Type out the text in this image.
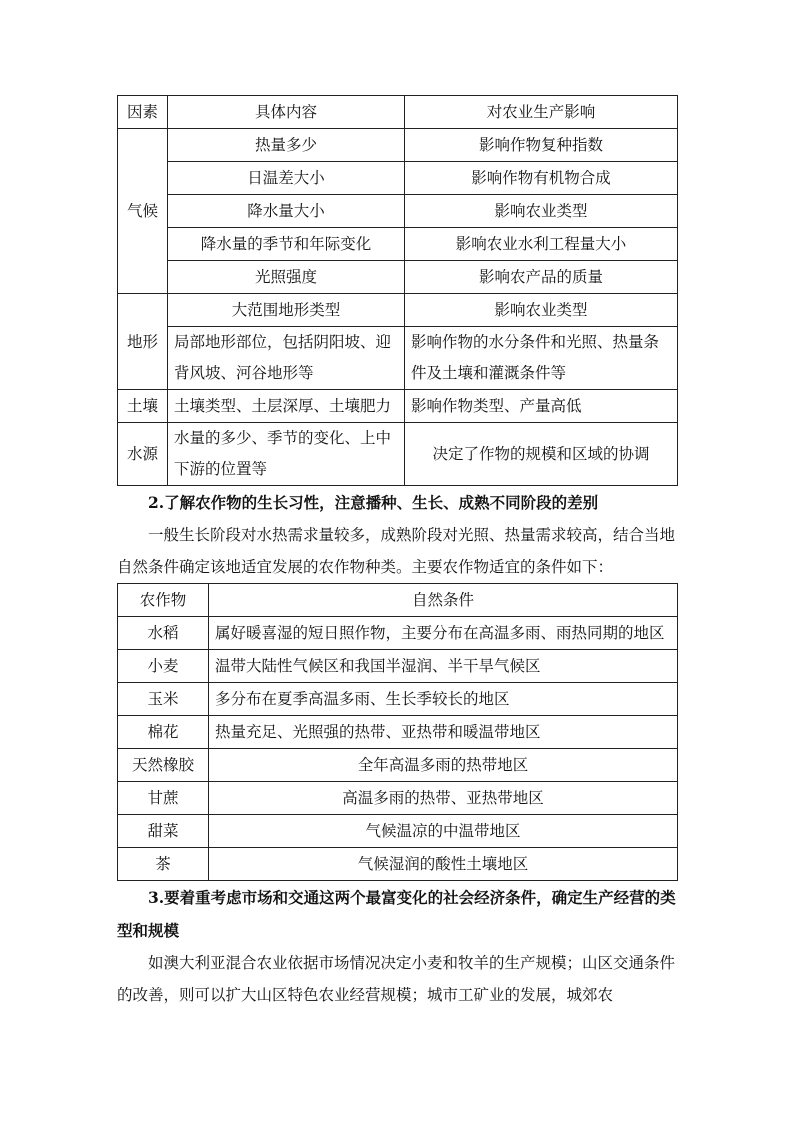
因素	具体内容	对农业生产影响
气候	热量多少	影响作物复种指数
	日温差大小	影响作物有机物合成
	降水量大小	影响农业类型
	降水量的季节和年际变化	影响农业水利工程量大小
	光照强度	影响农产品的质量
地形	大范围地形类型	影响农业类型
	局部地形部位，包括阴阳坡、迎背风坡、河谷地形等	影响作物的水分条件和光照、热量条件及土壤和灌溉条件等
土壤	土壤类型、土层深厚、土壤肥力	影响作物类型、产量高低
水源	水量的多少、季节的变化、上中下游的位置等	决定了作物的规模和区域的协调

2.了解农作物的生长习性，注意播种、生长、成熟不同阶段的差别

一般生长阶段对水热需求量较多，成熟阶段对光照、热量需求较高，结合当地自然条件确定该地适宜发展的农作物种类。主要农作物适宜的条件如下：

农作物	自然条件
水稻	属好暖喜湿的短日照作物，主要分布在高温多雨、雨热同期的地区
小麦	温带大陆性气候区和我国半湿润、半干旱气候区
玉米	多分布在夏季高温多雨、生长季较长的地区
棉花	热量充足、光照强的热带、亚热带和暖温带地区
天然橡胶	全年高温多雨的热带地区
甘蔗	高温多雨的热带、亚热带地区
甜菜	气候温凉的中温带地区
茶	气候湿润的酸性土壤地区

3.要着重考虑市场和交通这两个最富变化的社会经济条件，确定生产经营的类型和规模

如澳大利亚混合农业依据市场情况决定小麦和牧羊的生产规模；山区交通条件的改善，则可以扩大山区特色农业经营规模；城市工矿业的发展，城郊农
